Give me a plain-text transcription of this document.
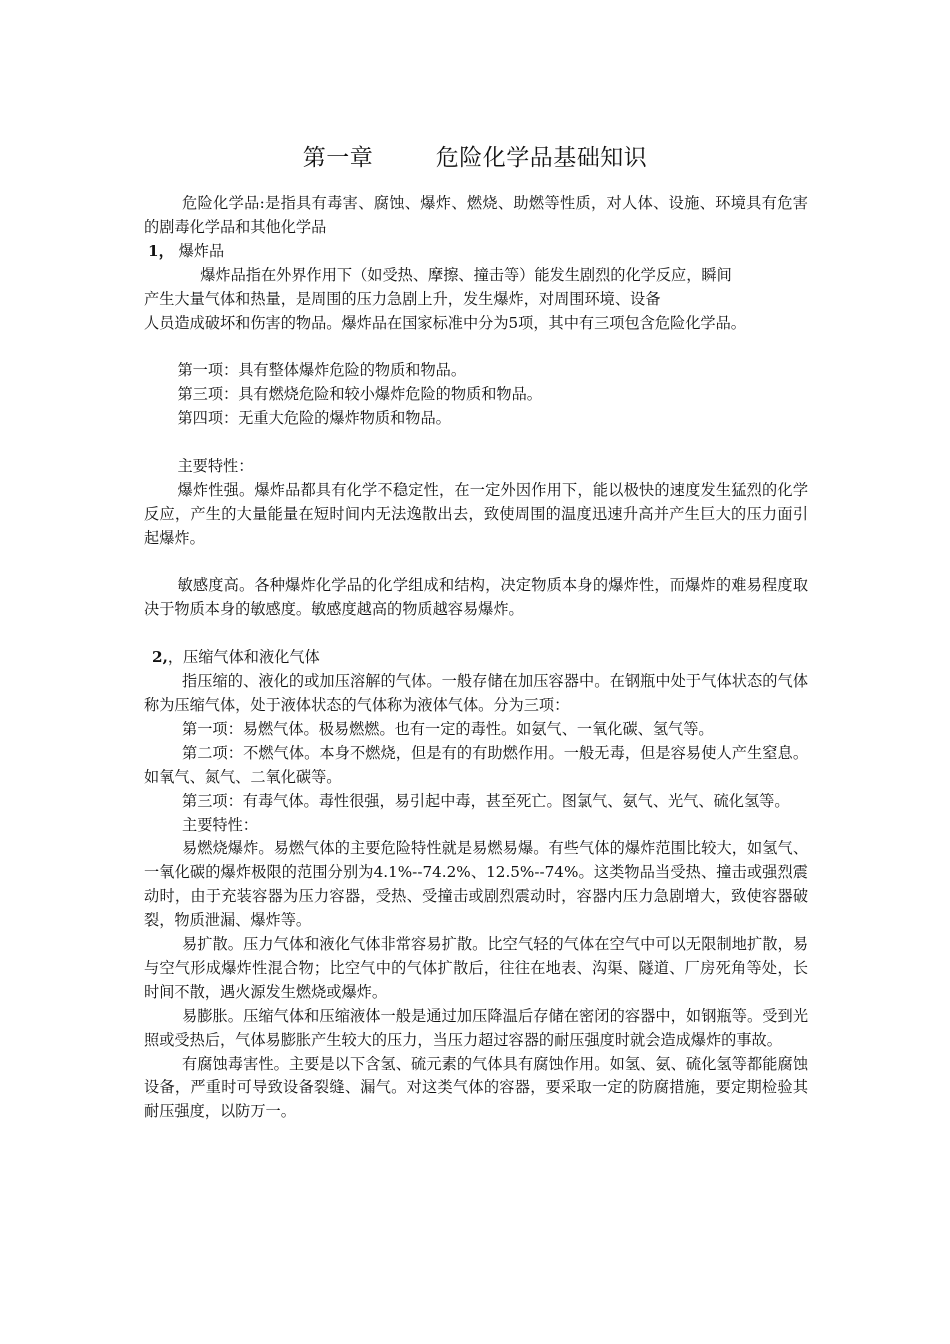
第一章        危险化学品基础知识

危险化学品:是指具有毒害、腐蚀、爆炸、燃烧、助燃等性质，对人体、设施、环境具有危害的剧毒化学品和其他化学品

1， 爆炸品

爆炸品指在外界作用下（如受热、摩擦、撞击等）能发生剧烈的化学反应，瞬间
产生大量气体和热量，是周围的压力急剧上升，发生爆炸，对周围环境、设备
人员造成破坏和伤害的物品。爆炸品在国家标准中分为5项，其中有三项包含危险化学品。

第一项：具有整体爆炸危险的物质和物品。

第三项：具有燃烧危险和较小爆炸危险的物质和物品。

第四项：无重大危险的爆炸物质和物品。

主要特性：

爆炸性强。爆炸品都具有化学不稳定性，在一定外因作用下，能以极快的速度发生猛烈的化学反应，产生的大量能量在短时间内无法逸散出去，致使周围的温度迅速升高并产生巨大的压力面引起爆炸。

敏感度高。各种爆炸化学品的化学组成和结构，决定物质本身的爆炸性，而爆炸的难易程度取决于物质本身的敏感度。敏感度越高的物质越容易爆炸。

2,，压缩气体和液化气体

指压缩的、液化的或加压溶解的气体。一般存储在加压容器中。在钢瓶中处于气体状态的气体称为压缩气体，处于液体状态的气体称为液体气体。分为三项：

第一项：易燃气体。极易燃燃。也有一定的毒性。如氨气、一氧化碳、氢气等。

第二项：不燃气体。本身不燃烧，但是有的有助燃作用。一般无毒，但是容易使人产生窒息。如氧气、氮气、二氧化碳等。

第三项：有毒气体。毒性很强，易引起中毒，甚至死亡。图氯气、氨气、光气、硫化氢等。

主要特性：

易燃烧爆炸。易燃气体的主要危险特性就是易燃易爆。有些气体的爆炸范围比较大，如氢气、一氧化碳的爆炸极限的范围分别为4.1%--74.2%、12.5%--74%。这类物品当受热、撞击或强烈震动时，由于充装容器为压力容器，受热、受撞击或剧烈震动时，容器内压力急剧增大，致使容器破裂，物质泄漏、爆炸等。

易扩散。压力气体和液化气体非常容易扩散。比空气轻的气体在空气中可以无限制地扩散，易与空气形成爆炸性混合物；比空气中的气体扩散后，往往在地表、沟渠、隧道、厂房死角等处，长时间不散，遇火源发生燃烧或爆炸。

易膨胀。压缩气体和压缩液体一般是通过加压降温后存储在密闭的容器中，如钢瓶等。受到光照或受热后，气体易膨胀产生较大的压力，当压力超过容器的耐压强度时就会造成爆炸的事故。

有腐蚀毒害性。主要是以下含氢、硫元素的气体具有腐蚀作用。如氢、氨、硫化氢等都能腐蚀设备，严重时可导致设备裂缝、漏气。对这类气体的容器，要采取一定的防腐措施，要定期检验其耐压强度，以防万一。
